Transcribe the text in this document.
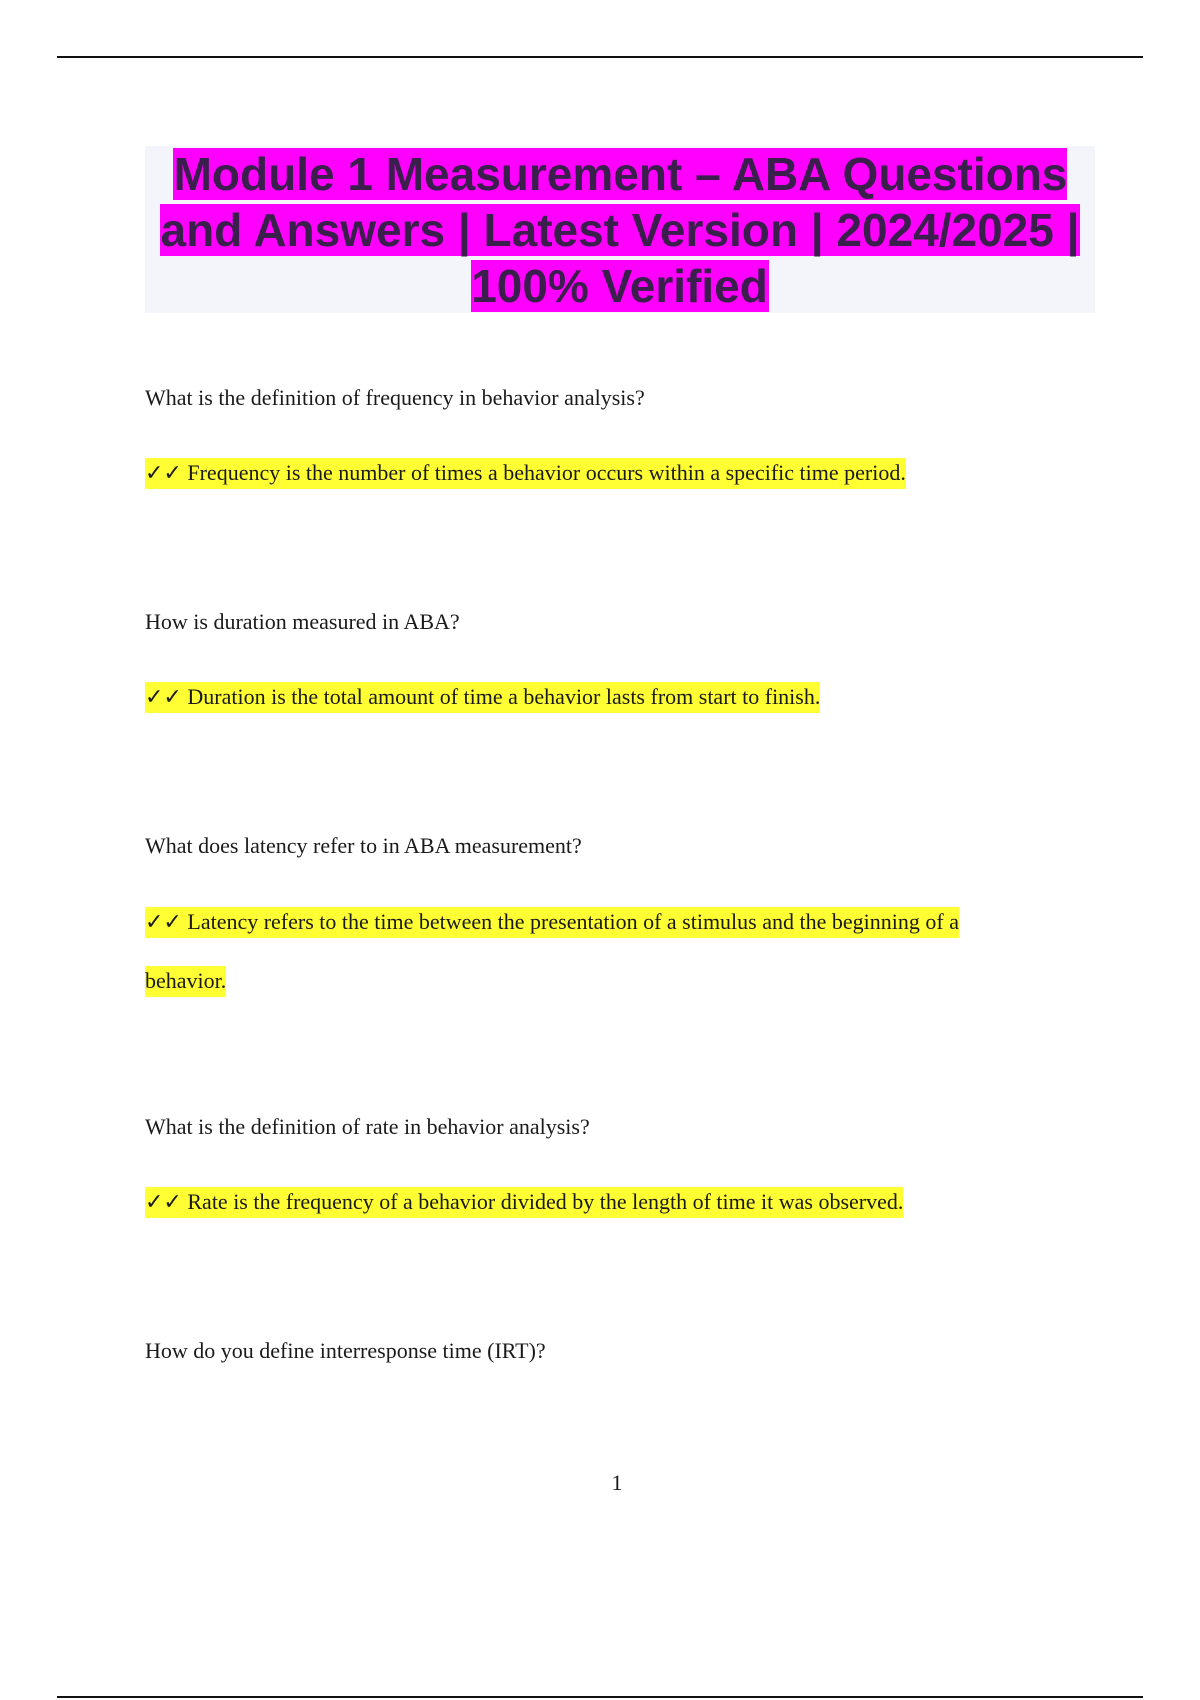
Module 1 Measurement – ABA Questions and Answers | Latest Version | 2024/2025 | 100% Verified

What is the definition of frequency in behavior analysis?

✓✓ Frequency is the number of times a behavior occurs within a specific time period.

How is duration measured in ABA?

✓✓ Duration is the total amount of time a behavior lasts from start to finish.

What does latency refer to in ABA measurement?

✓✓ Latency refers to the time between the presentation of a stimulus and the beginning of a behavior.

What is the definition of rate in behavior analysis?

✓✓ Rate is the frequency of a behavior divided by the length of time it was observed.

How do you define interresponse time (IRT)?

1
